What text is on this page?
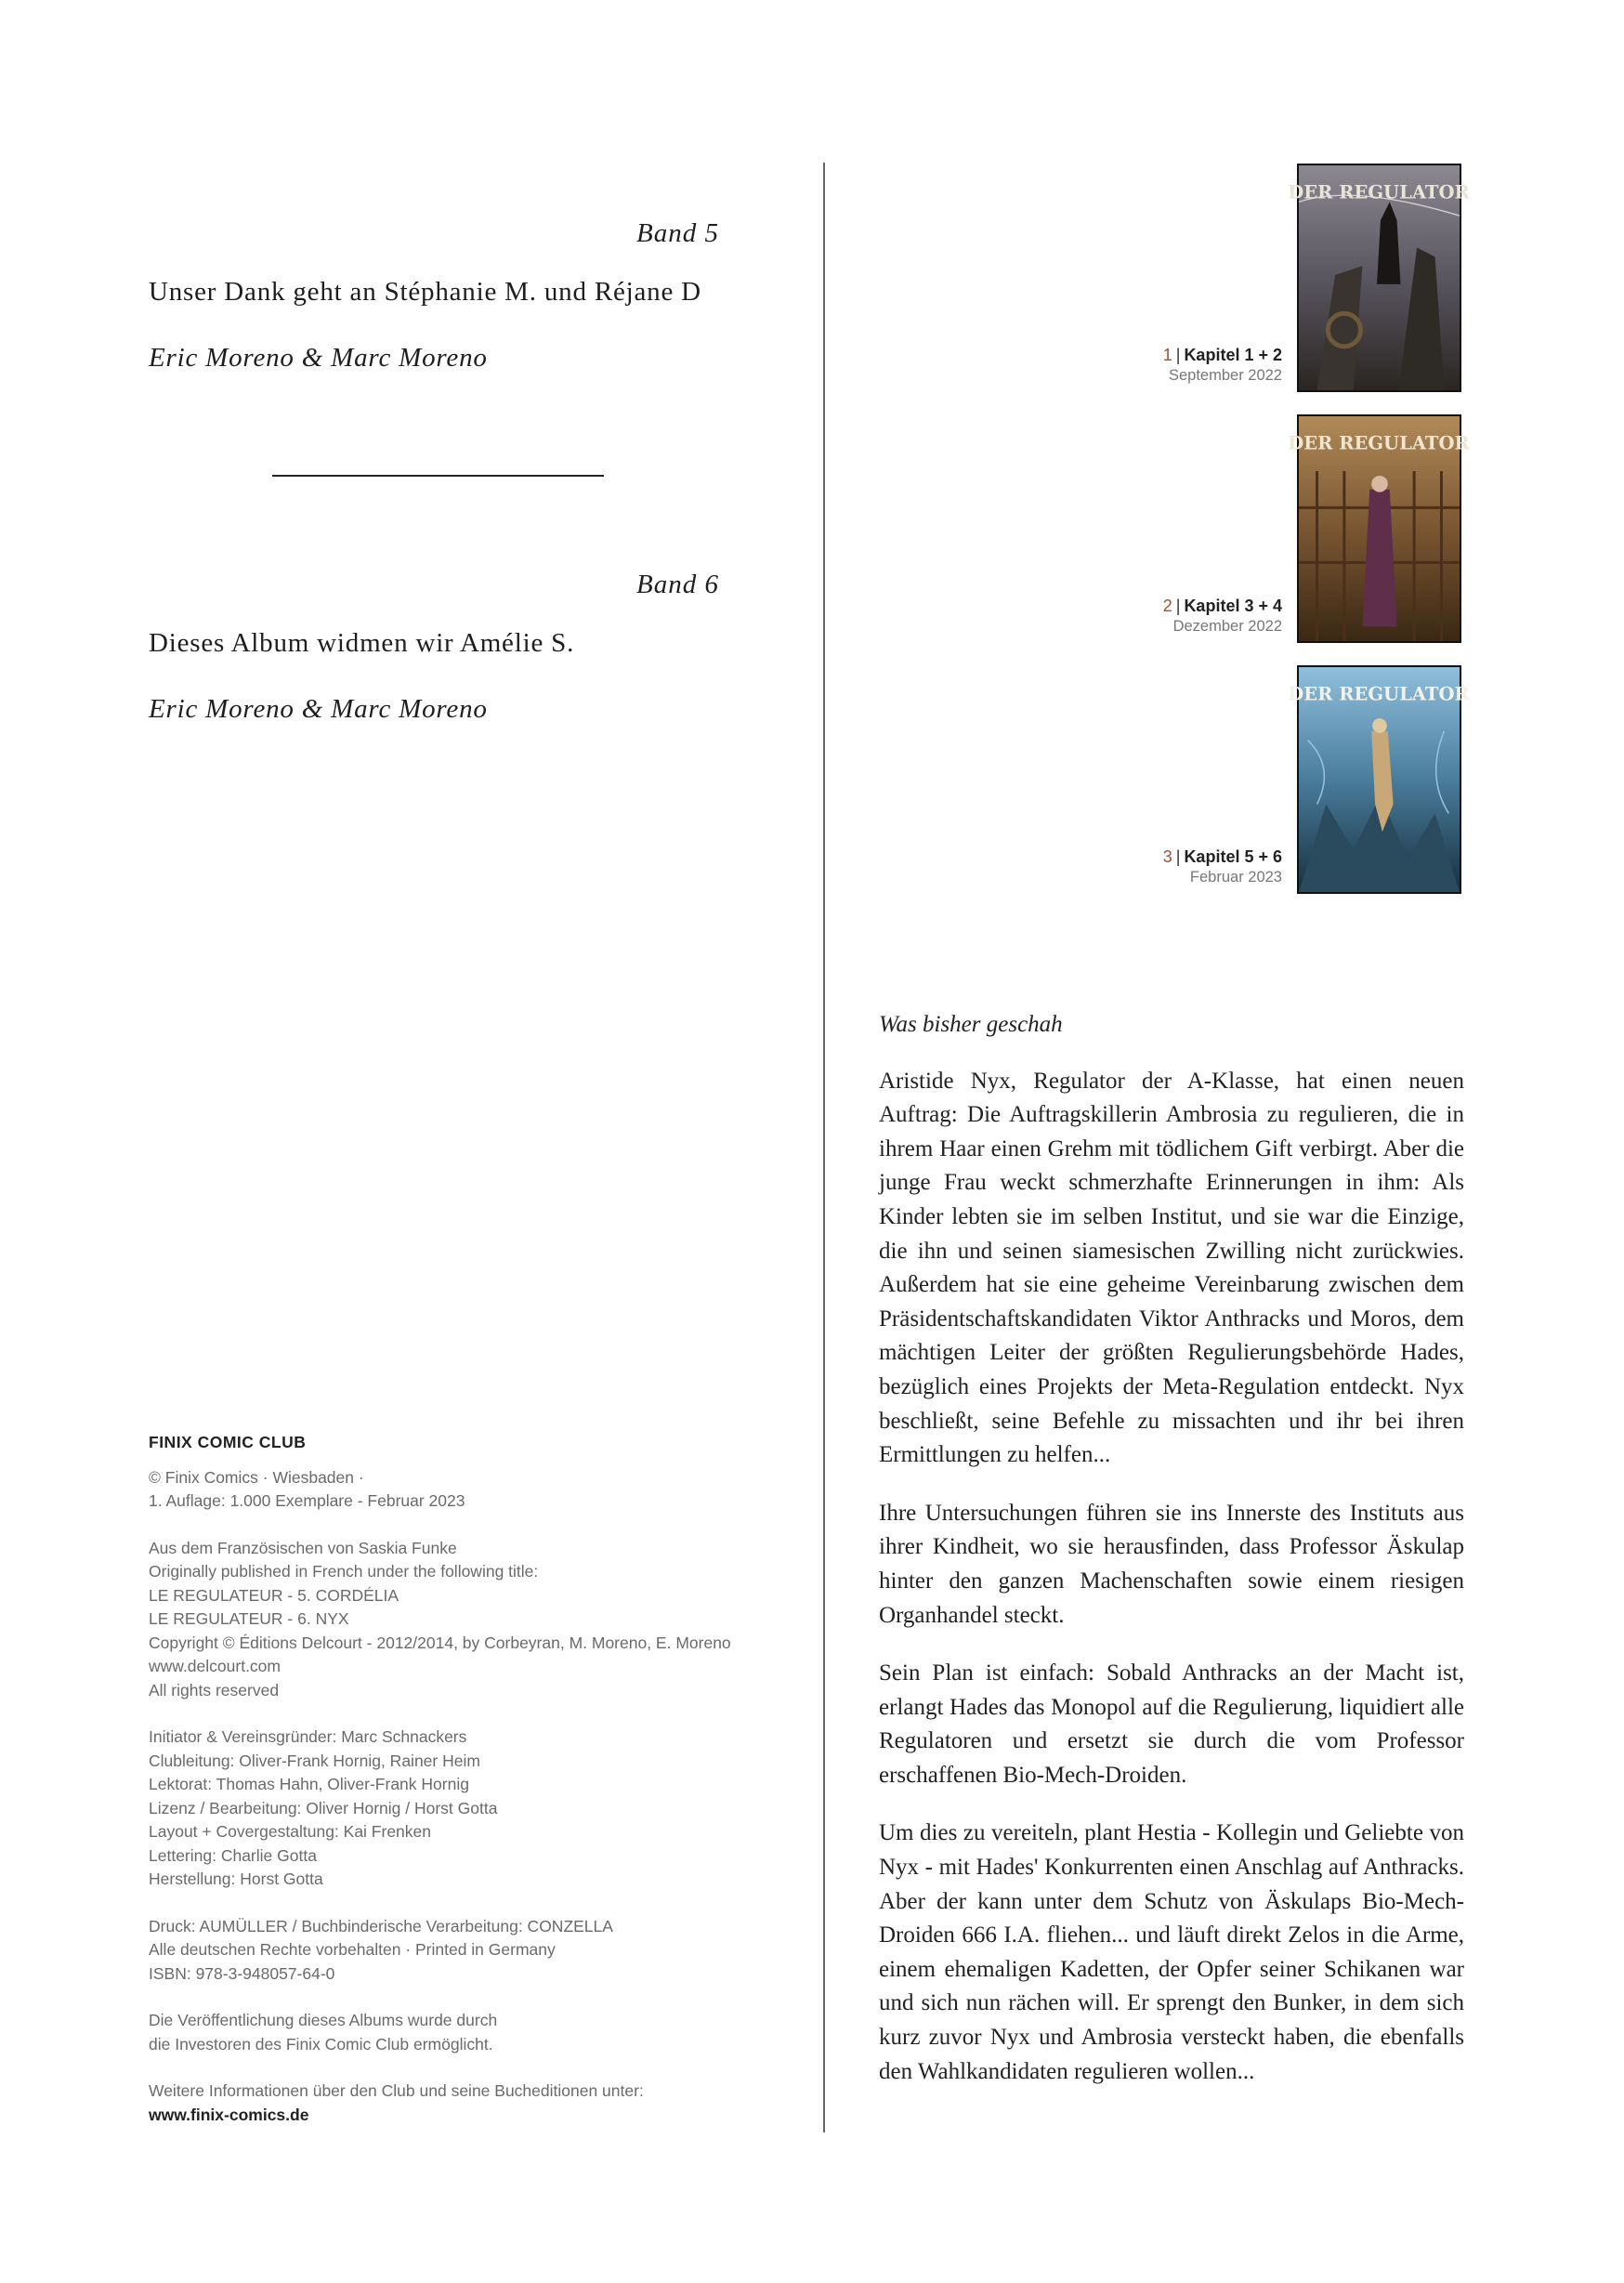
Band 5
Unser Dank geht an Stéphanie M. und Réjane D
Eric Moreno & Marc Moreno
Band 6
Dieses Album widmen wir Amélie S.
Eric Moreno & Marc Moreno
FINIX COMIC CLUB
© Finix Comics · Wiesbaden ·
1. Auflage: 1.000 Exemplare - Februar 2023
Aus dem Französischen von Saskia Funke
Originally published in French under the following title:
LE REGULATEUR - 5. CORDÉLIA
LE REGULATEUR - 6. NYX
Copyright © Éditions Delcourt - 2012/2014, by Corbeyran, M. Moreno, E. Moreno
www.delcourt.com
All rights reserved
Initiator & Vereinsgründer: Marc Schnackers
Clubleitung: Oliver-Frank Hornig, Rainer Heim
Lektorat: Thomas Hahn, Oliver-Frank Hornig
Lizenz / Bearbeitung: Oliver Hornig / Horst Gotta
Layout + Covergestaltung: Kai Frenken
Lettering: Charlie Gotta
Herstellung: Horst Gotta
Druck: AUMÜLLER / Buchbinderische Verarbeitung: CONZELLA
Alle deutschen Rechte vorbehalten · Printed in Germany
ISBN: 978-3-948057-64-0
Die Veröffentlichung dieses Albums wurde durch
die Investoren des Finix Comic Club ermöglicht.
Weitere Informationen über den Club und seine Bucheditionen unter:
www.finix-comics.de
1 | Kapitel 1 + 2
September 2022
DER REGULATOR
2 | Kapitel 3 + 4
Dezember 2022
DER REGULATOR
3 | Kapitel 5 + 6
Februar 2023
DER REGULATOR
Was bisher geschah

Aristide Nyx, Regulator der A-Klasse, hat einen neuen Auftrag: Die Auftragskillerin Ambrosia zu regulieren, die in ihrem Haar einen Grehm mit tödlichem Gift verbirgt. Aber die junge Frau weckt schmerzhafte Erinnerungen in ihm: Als Kinder lebten sie im selben Institut, und sie war die Einzige, die ihn und seinen siamesischen Zwilling nicht zurückwies. Außerdem hat sie eine geheime Vereinbarung zwischen dem Präsidentschaftskandidaten Viktor Anthracks und Moros, dem mächtigen Leiter der größten Regulierungsbehörde Hades, bezüglich eines Projekts der Meta-Regulation entdeckt. Nyx beschließt, seine Befehle zu missachten und ihr bei ihren Ermittlungen zu helfen...

Ihre Untersuchungen führen sie ins Innerste des Instituts aus ihrer Kindheit, wo sie herausfinden, dass Professor Äskulap hinter den ganzen Machenschaften sowie einem riesigen Organhandel steckt.

Sein Plan ist einfach: Sobald Anthracks an der Macht ist, erlangt Hades das Monopol auf die Regulierung, liquidiert alle Regulatoren und ersetzt sie durch die vom Professor erschaffenen Bio-Mech-Droiden.

Um dies zu vereiteln, plant Hestia - Kollegin und Geliebte von Nyx - mit Hades' Konkurrenten einen Anschlag auf Anthracks. Aber der kann unter dem Schutz von Äskulaps Bio-Mech-Droiden 666 I.A. fliehen... und läuft direkt Zelos in die Arme, einem ehemaligen Kadetten, der Opfer seiner Schikanen war und sich nun rächen will. Er sprengt den Bunker, in dem sich kurz zuvor Nyx und Ambrosia versteckt haben, die ebenfalls den Wahlkandidaten regulieren wollen...
